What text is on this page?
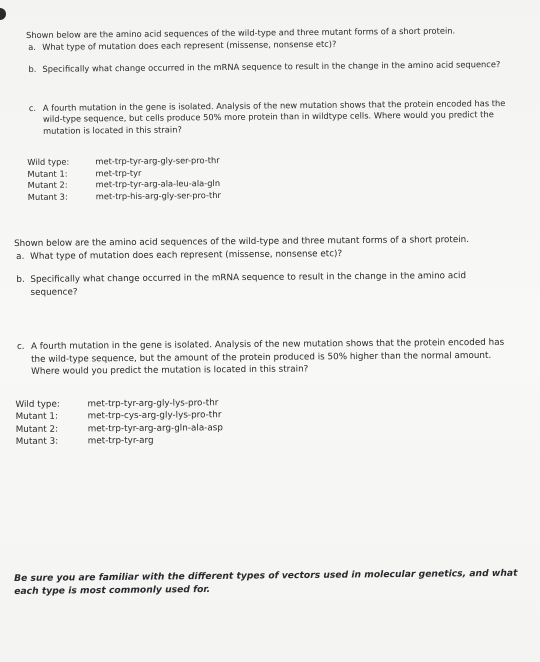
Shown below are the amino acid sequences of the wild-type and three mutant forms of a short protein.

a. What type of mutation does each represent (missense, nonsense etc)?

b. Specifically what change occurred in the mRNA sequence to result in the change in the amino acid sequence?

c. A fourth mutation in the gene is isolated. Analysis of the new mutation shows that the protein encoded has the wild-type sequence, but cells produce 50% more protein than in wildtype cells. Where would you predict the mutation is located in this strain?

Wild type:	met-trp-tyr-arg-gly-ser-pro-thr
Mutant 1:	met-trp-tyr
Mutant 2:	met-trp-tyr-arg-ala-leu-ala-gln
Mutant 3:	met-trp-his-arg-gly-ser-pro-thr

Shown below are the amino acid sequences of the wild-type and three mutant forms of a short protein.

a. What type of mutation does each represent (missense, nonsense etc)?

b. Specifically what change occurred in the mRNA sequence to result in the change in the amino acid sequence?

c. A fourth mutation in the gene is isolated. Analysis of the new mutation shows that the protein encoded has the wild-type sequence, but the amount of the protein produced is 50% higher than the normal amount. Where would you predict the mutation is located in this strain?

Wild type:	met-trp-tyr-arg-gly-lys-pro-thr
Mutant 1:	met-trp-cys-arg-gly-lys-pro-thr
Mutant 2:	met-trp-tyr-arg-arg-gln-ala-asp
Mutant 3:	met-trp-tyr-arg

Be sure you are familiar with the different types of vectors used in molecular genetics, and what each type is most commonly used for.
